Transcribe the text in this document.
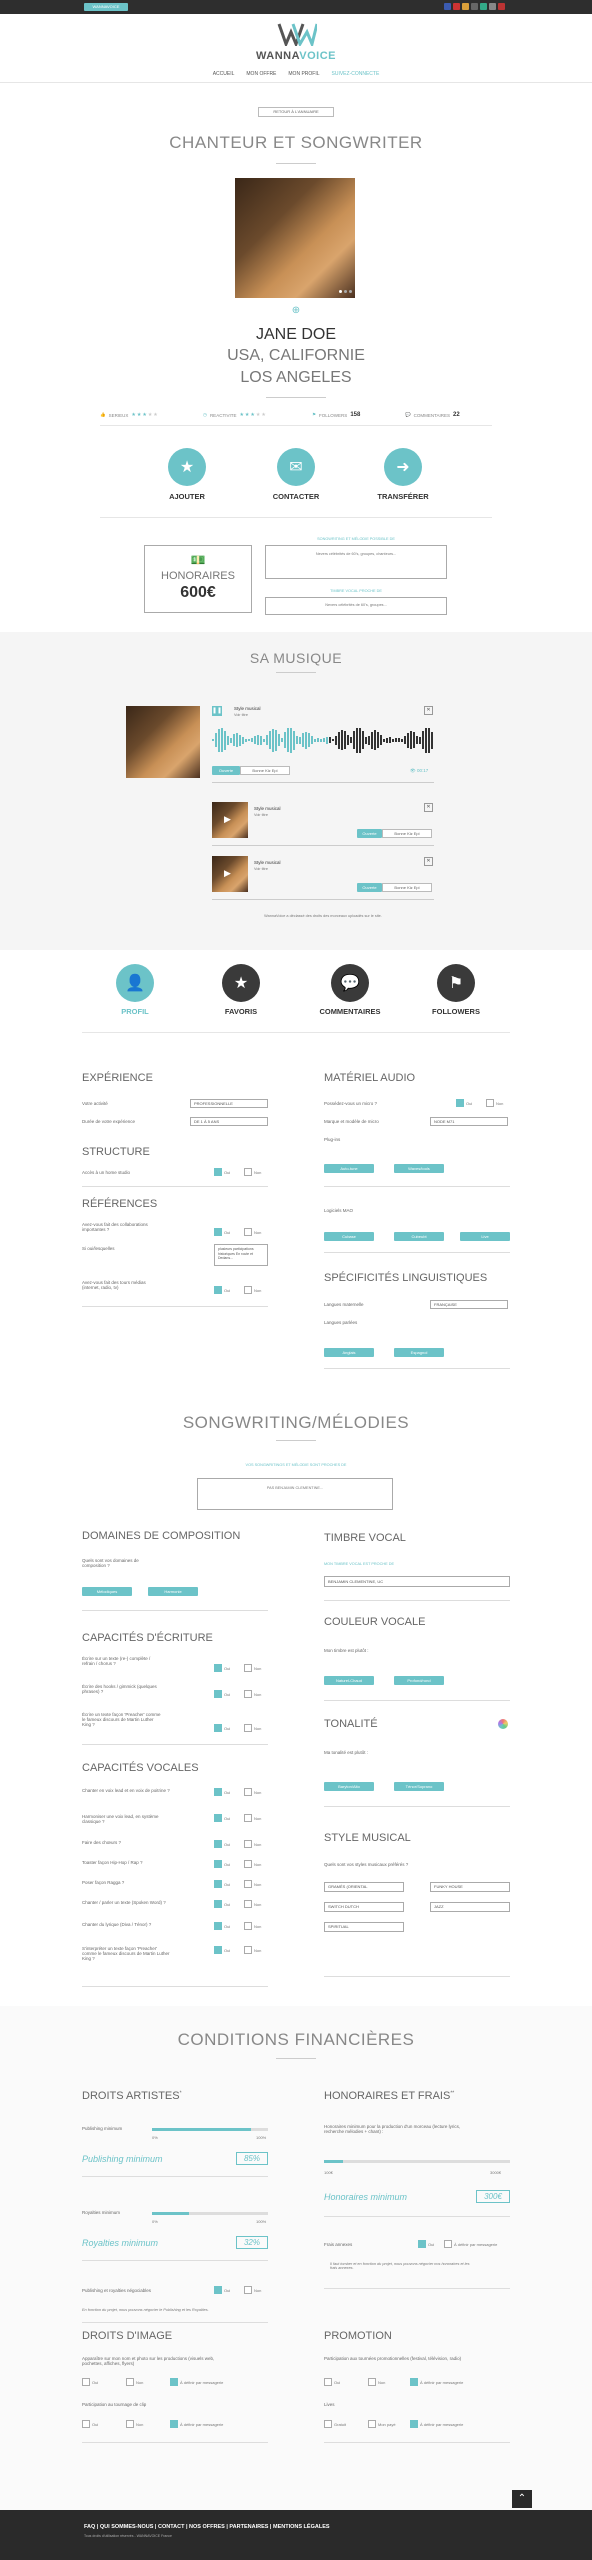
WANNAVOICE
WANNAVOICE
ACCUEIL MON OFFRE MON PROFIL SUIVEZ-CONNECTE
RETOUR À L'ANNUAIRE
CHANTEUR ET SONGWRITER
⊕
JANE DOE
USA, CALIFORNIE
LOS ANGELES
👍 SERIEUX ★★★★★	◷ REACTIVITE ★★★★★	⚑ FOLLOWERS 158	💬 COMMENTAIRES 22
★
AJOUTER
✉
CONTACTER
➜
TRANSFÉRER
💵
HONORAIRES
600€
SONGWRITING ET MÉLODIE POSSIBLE DE
Nevers célébrités de 60's, groupes, chanteurs...
TIMBRE VOCAL PROCHE DE
Nevers célébrités de 60's, groupes...
SA MUSIQUE
❚❚	Style musical
Voir titre
✕
Ouverte	Bonne Kiz Epi	👁 00:17
▶
Style musical
Voir titre
✕
Ouverte	Bonne Kiz Epi
▶
Style musical
Voir titre
✕
Ouverte	Bonne Kiz Epi
WannaVoice a déclassé des droits des morceaux uploadés sur le site.
👤
PROFIL
★
FAVORIS
💬
COMMENTAIRES
⚑
FOLLOWERS
EXPÉRIENCE
Votre activité	PROFESSIONNELLE
Durée de votre expérience	DE 1 À 5 ANS
STRUCTURE
Accès à un home studio	Oui	Non
RÉFÉRENCES
Avez-vous fait des collaborations importantes ?
Oui	Non
Si oui/lesquelles	plusieurs participations historiques En route et Dedans...
Avez-vous fait des tours médias (internet, radio, tv)
Oui	Non
MATÉRIEL AUDIO
Possédez-vous un micro ?	Oui	Non
Marque et modèle de micro	NODE M71
Plug-ins
Auto-tune	Waves/tools
Logiciels MAO
Cubase	Cubeubt	Live
SPÉCIFICITÉS LINGUISTIQUES
Langues maternelle	FRANÇAISE
Langues parlées
Anglais	Espagnol
SONGWRITING/MÉLODIES
VOS SONGWRITINGS ET MÉLODIE SONT PROCHES DE
PAS BENJAMIN CLEMENTINE...
DOMAINES DE COMPOSITION
Quels sont vos domaines de composition ?
Mélodiques	Harmonie
CAPACITÉS D'ÉCRITURE
Écrire sur un texte (re-) complète / refrain / chorus ?
Oui	Non
Écrire des hooks / gimmick (quelques phrases) ?
Oui	Non
Écrire un texte façon 'Preacher' comme le fameux discours de Martin Luther King ?
Oui	Non
CAPACITÉS VOCALES
Chanter en voix lead et en voix de poitrine ?	Oui	Non
Harmoniser une voix lead, en système classique ?
Oui	Non
Faire des chœurs ?	Oui	Non
Toaster façon Hip-Hop / Rap ?	Oui	Non
Poser façon Ragga ?	Oui	Non
Chanter / parler un texte (Spoken Word) ?	Oui	Non
Chanter du lyrique (Diva / Ténor) ?	Oui	Non
S'interpréter un texte façon 'Preacher' comme le fameux discours de Martin Luther King ?
Oui	Non
TIMBRE VOCAL
MON TIMBRE VOCAL EST PROCHE DE
BENJAMIN CLEMENTINE, UC
COULEUR VOCALE
Mon timbre est plutôt :
Naturel-Chaud	Profond/rond
TONALITÉ
Ma tonalité est plutôt :
Baryton/Alto	Ténor/Soprano
STYLE MUSICAL
Quels sont vos styles musicaux préférés ?
GRAMÉS (ORIENTAL	FUNKY HOUSE
SWITCH DUTCH	JAZZ
SPIRITUAL
CONDITIONS FINANCIÈRES
DROITS ARTISTES*
Publishing minimum
0%	100%
Publishing minimum	85%
Royalties minimum
0%	100%
Royalties minimum	32%
Publishing et royalties négociables	Oui	Non
En fonction du projet, nous pouvons négocier le Publishing et les Royalties.
HONORAIRES ET FRAIS**
Honoraires minimum pour la production d'un morceau (lecture lyrics, recherche mélodies + chant) :
100€	3000€
Honoraires minimum	300€
Frais annexes	Oui	À définir par messagerie
Il faut tomber et en fonction du projet, nous pouvons négocier nos honoraires et les frais annexes.
DROITS D'IMAGE
Apparaître sur mon nom et photo sur les productions (visuels web, pochettes, affiches, flyers)
Oui	Non	À définir par messagerie
Participation au tournage de clip
Oui	Non	À définir par messagerie
PROMOTION
Participation aux tournées promotionnelles (festival, télévision, radio)
Oui	Non	À définir par messagerie
Lives
Gratuit	Mon payé	À définir par messagerie
⌃
FAQ | QUI SOMMES-NOUS | CONTACT | NOS OFFRES | PARTENAIRES | MENTIONS LÉGALES
Tous droits d'utilisation réservés - WANNAVOICE France
